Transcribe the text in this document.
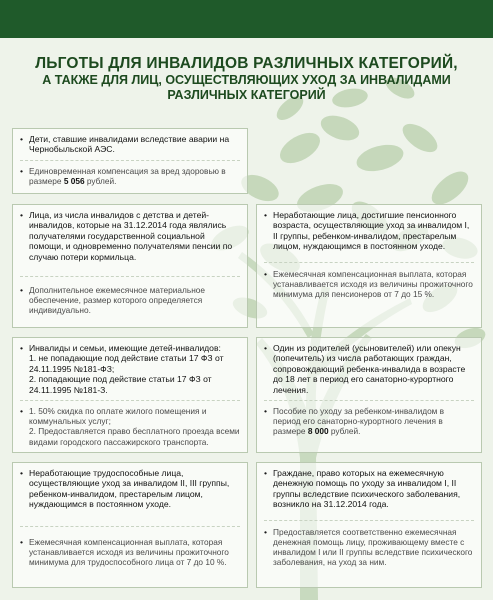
ЛЬГОТЫ ДЛЯ ИНВАЛИДОВ РАЗЛИЧНЫХ КАТЕГОРИЙ,
А ТАКЖЕ ДЛЯ ЛИЦ, ОСУЩЕСТВЛЯЮЩИХ УХОД ЗА ИНВАЛИДАМИ
РАЗЛИЧНЫХ КАТЕГОРИЙ
• Дети, ставшие инвалидами вследствие аварии на Чернобыльской АЭС.
• Единовременная компенсация за вред здоровью в размере 5 056 рублей.
• Лица, из числа инвалидов с детства и детей-инвалидов, которые на 31.12.2014 года являлись получателями государственной социальной помощи, и одновременно получателями пенсии по случаю потери кормильца.
• Дополнительное ежемесячное материальное обеспечение, размер которого определяется индивидуально.
• Неработающие лица, достигшие пенсионного возраста, осуществляющие уход за инвалидом I, II группы, ребенком-инвалидом, престарелым лицом, нуждающимся в постоянном уходе.
• Ежемесячная компенсационная выплата, которая устанавливается исходя из величины прожиточного минимума для пенсионеров от 7 до 15 %.
• Инвалиды и семьи, имеющие детей-инвалидов:
1. не попадающие под действие статьи 17 ФЗ от 24.11.1995 №181-ФЗ;
2. попадающие под действие статьи 17 ФЗ от 24.11.1995 №181-З.
• 1. 50% скидка по оплате жилого помещения и коммунальных услуг;
2. Предоставляется право бесплатного проезда всеми видами городского пассажирского транспорта.
• Один из родителей (усыновителей) или опекун (попечитель) из числа работающих граждан, сопровождающий ребенка-инвалида в возрасте до 18 лет в период его санаторно-курортного лечения.
• Пособие по уходу за ребенком-инвалидом в период его санаторно-курортного лечения в размере 8 000 рублей.
• Неработающие трудоспособные лица, осуществляющие уход за инвалидом II, III группы, ребенком-инвалидом, престарелым лицом, нуждающимся в постоянном уходе.
• Ежемесячная компенсационная выплата, которая устанавливается исходя из величины прожиточного минимума для трудоспособного лица от 7 до 10 %.
• Граждане, право которых на ежемесячную денежную помощь по уходу за инвалидом I, II группы вследствие психического заболевания, возникло на 31.12.2014 года.
• Предоставляется соответственно ежемесячная денежная помощь лицу, проживающему вместе с инвалидом I или II группы вследствие психического заболевания, на уход за ним.
